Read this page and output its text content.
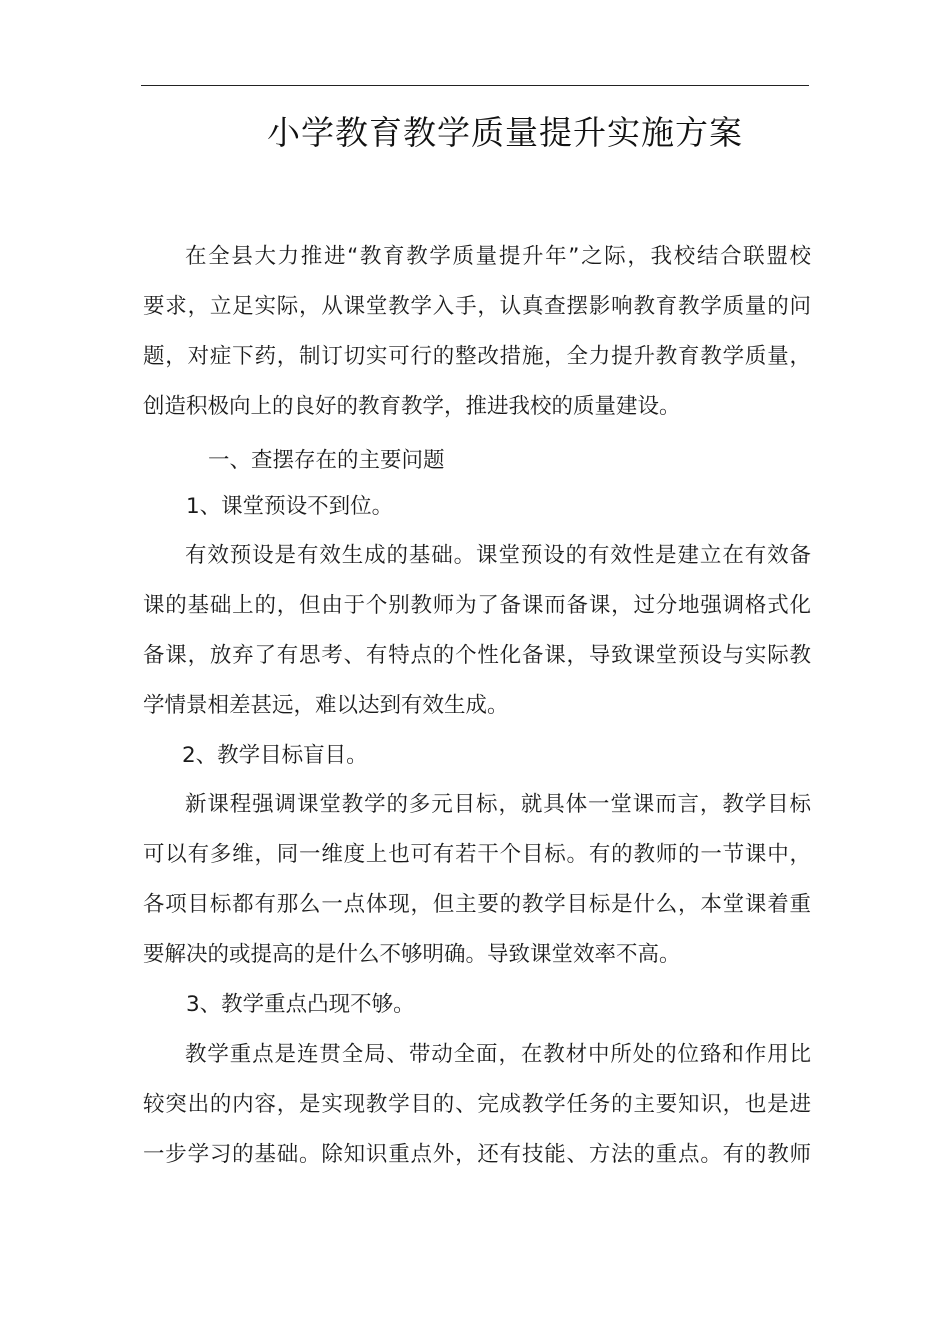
小学教育教学质量提升实施方案
在全县大力推进“教育教学质量提升年”之际，我校结合联盟校
要求，立足实际，从课堂教学入手，认真查摆影响教育教学质量的问
题，对症下药，制订切实可行的整改措施，全力提升教育教学质量，
创造积极向上的良好的教育教学，推进我校的质量建设。
一、查摆存在的主要问题
1、课堂预设不到位。
有效预设是有效生成的基础。课堂预设的有效性是建立在有效备
课的基础上的，但由于个别教师为了备课而备课，过分地强调格式化
备课，放弃了有思考、有特点的个性化备课，导致课堂预设与实际教
学情景相差甚远，难以达到有效生成。
2、教学目标盲目。
新课程强调课堂教学的多元目标，就具体一堂课而言，教学目标
可以有多维，同一维度上也可有若干个目标。有的教师的一节课中，
各项目标都有那么一点体现，但主要的教学目标是什么，本堂课着重
要解决的或提高的是什么不够明确。导致课堂效率不高。
3、教学重点凸现不够。
教学重点是连贯全局、带动全面，在教材中所处的位臵和作用比
较突出的内容，是实现教学目的、完成教学任务的主要知识，也是进
一步学习的基础。除知识重点外，还有技能、方法的重点。有的教师
